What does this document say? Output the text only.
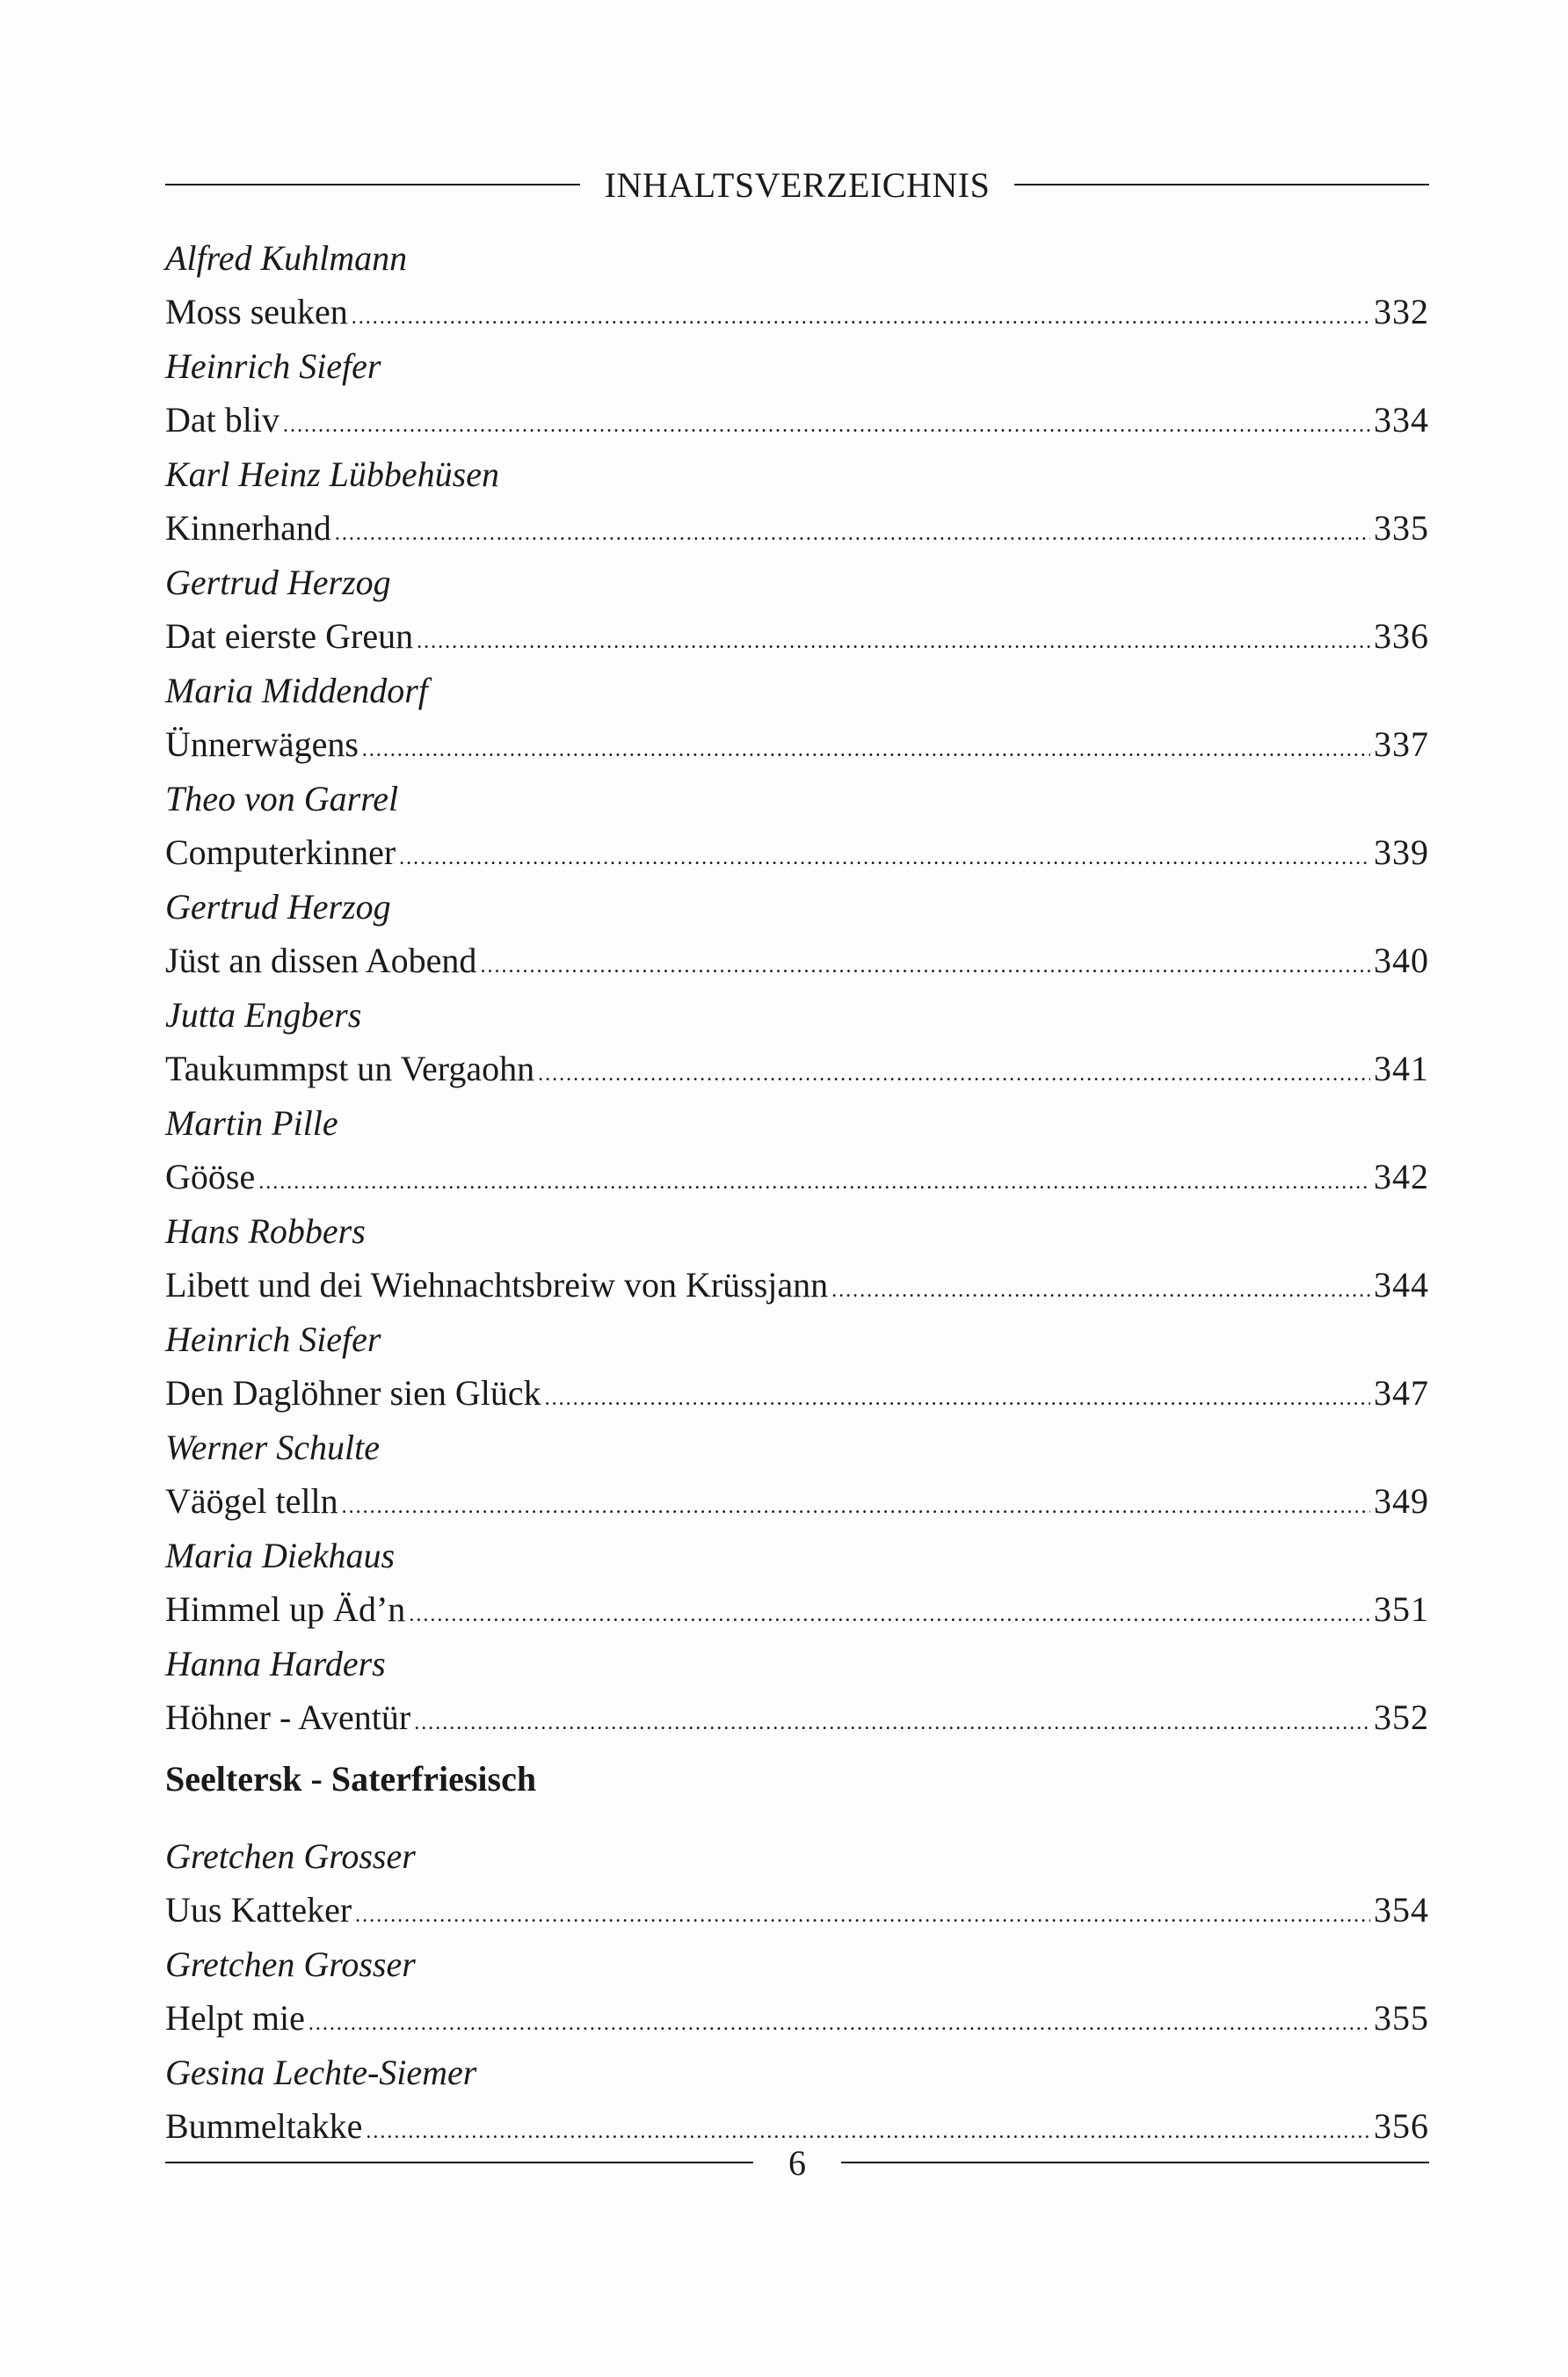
INHALTSVERZEICHNIS
Alfred Kuhlmann
Moss seuken .....	332
Heinrich Siefer
Dat bliv .....	334
Karl Heinz Lübbehüsen
Kinnerhand .....	335
Gertrud Herzog
Dat eierste Greun .....	336
Maria Middendorf
Ünnerwägens .....	337
Theo von Garrel
Computerkinner .....	339
Gertrud Herzog
Jüst an dissen Aobend .....	340
Jutta Engbers
Taukummpst un Vergaohn .....	341
Martin Pille
Gööse .....	342
Hans Robbers
Libett und dei Wiehnachtsbreiw von Krüssjann .....	344
Heinrich Siefer
Den Daglöhner sien Glück .....	347
Werner Schulte
Väögel telln .....	349
Maria Diekhaus
Himmel up Äd’n .....	351
Hanna Harders
Höhner - Aventür .....	352
Seeltersk - Saterfriesisch
Gretchen Grosser
Uus Katteker .....	354
Gretchen Grosser
Helpt mie .....	355
Gesina Lechte-Siemer
Bummeltakke .....	356
6
